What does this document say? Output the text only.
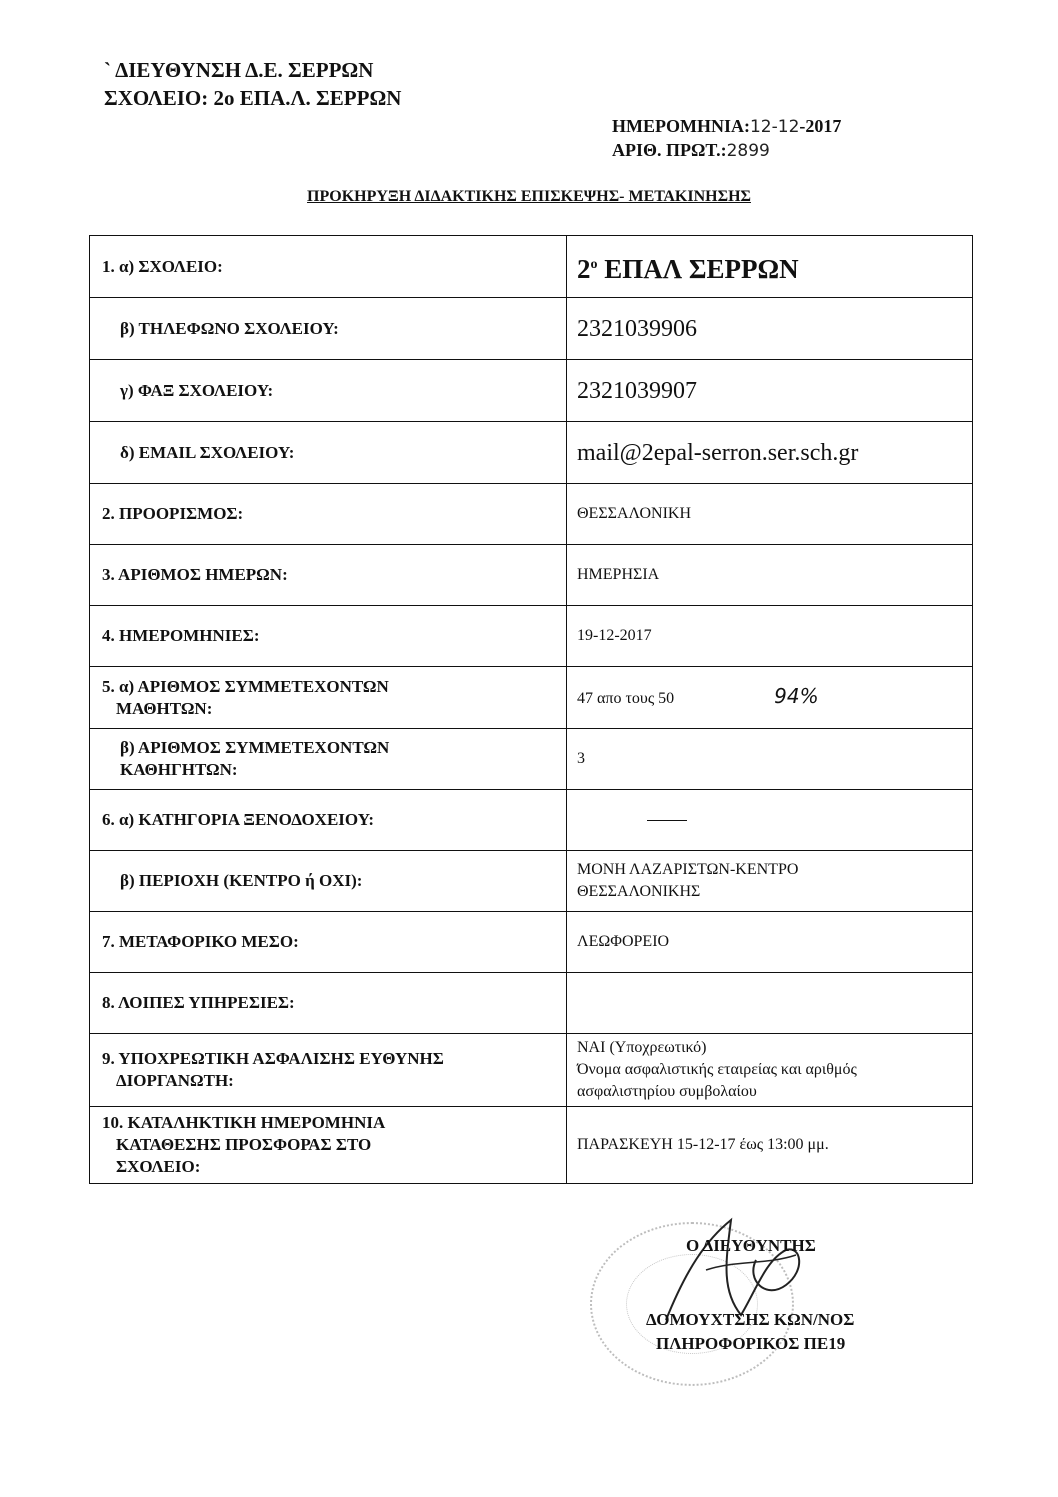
` ΔΙΕΥΘΥΝΣΗ Δ.Ε. ΣΕΡΡΩΝ
ΣΧΟΛΕΙΟ: 2ο ΕΠΑ.Λ. ΣΕΡΡΩΝ
ΗΜΕΡΟΜΗΝΙΑ:12-12-2017
ΑΡΙΘ. ΠΡΩΤ.:2899
ΠΡΟΚΗΡΥΞΗ ΔΙΔΑΚΤΙΚΗΣ ΕΠΙΣΚΕΨΗΣ- ΜΕΤΑΚΙΝΗΣΗΣ
1. α) ΣΧΟΛΕΙΟ:	$2^o$ ΕΠΑΛ ΣΕΡΡΩΝ
β) ΤΗΛΕΦΩΝΟ ΣΧΟΛΕΙΟΥ:	2321039906
γ) ΦΑΞ ΣΧΟΛΕΙΟΥ:	2321039907
δ) EMAIL ΣΧΟΛΕΙΟΥ:	mail@2epal-serron.ser.sch.gr
2. ΠΡΟΟΡΙΣΜΟΣ:	ΘΕΣΣΑΛΟΝΙΚΗ
3. ΑΡΙΘΜΟΣ ΗΜΕΡΩΝ:	ΗΜΕΡΗΣΙΑ
4. ΗΜΕΡΟΜΗΝΙΕΣ:	19-12-2017
5. α) ΑΡΙΘΜΟΣ ΣΥΜΜΕΤΕΧΟΝΤΩΝ
ΜΑΘΗΤΩΝ:	47 απο τους 50 94%
β) ΑΡΙΘΜΟΣ ΣΥΜΜΕΤΕΧΟΝΤΩΝ
ΚΑΘΗΓΗΤΩΝ:	3
6. α) ΚΑΤΗΓΟΡΙΑ ΞΕΝΟΔΟΧΕΙΟΥ:	
β) ΠΕΡΙΟΧΗ (ΚΕΝΤΡΟ ή ΟΧΙ):	ΜΟΝΗ ΛΑΖΑΡΙΣΤΩΝ-ΚΕΝΤΡΟ
ΘΕΣΣΑΛΟΝΙΚΗΣ
7. ΜΕΤΑΦΟΡΙΚΟ ΜΕΣΟ:	ΛΕΩΦΟΡΕΙΟ
8. ΛΟΙΠΕΣ ΥΠΗΡΕΣΙΕΣ:	
9. ΥΠΟΧΡΕΩΤΙΚΗ ΑΣΦΑΛΙΣΗΣ ΕΥΘΥΝΗΣ
ΔΙΟΡΓΑΝΩΤΗ:	ΝΑΙ (Υποχρεωτικό)
Όνομα ασφαλιστικής εταιρείας και αριθμός
ασφαλιστηρίου συμβολαίου
10. ΚΑΤΑΛΗΚΤΙΚΗ ΗΜΕΡΟΜΗΝΙΑ
ΚΑΤΑΘΕΣΗΣ ΠΡΟΣΦΟΡΑΣ ΣΤΟ
ΣΧΟΛΕΙΟ:	ΠΑΡΑΣΚΕΥΗ 15-12-17 έως 13:00 μμ.
Ο ΔΙΕΥΘΥΝΤΗΣ
ΔΟΜΟΥΧΤΣΗΣ ΚΩΝ/ΝΟΣ
ΠΛΗΡΟΦΟΡΙΚΟΣ ΠΕ19
